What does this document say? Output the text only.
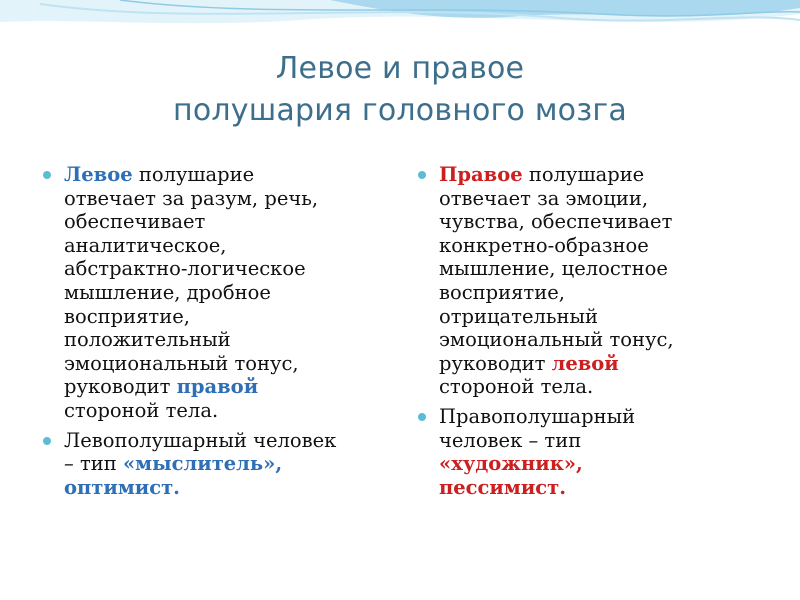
Левое и правое
полушария головного мозга
Левое полушарие
отвечает за разум, речь,
обеспечивает
аналитическое,
абстрактно-логическое
мышление, дробное
восприятие,
положительный
эмоциональный тонус,
руководит правой
стороной тела.
Левополушарный человек
– тип «мыслитель»,
оптимист.
Правое полушарие
отвечает за эмоции,
чувства, обеспечивает
конкретно-образное
мышление, целостное
восприятие,
отрицательный
эмоциональный тонус,
руководит левой
стороной тела.
Правополушарный
человек – тип
«художник»,
пессимист.
